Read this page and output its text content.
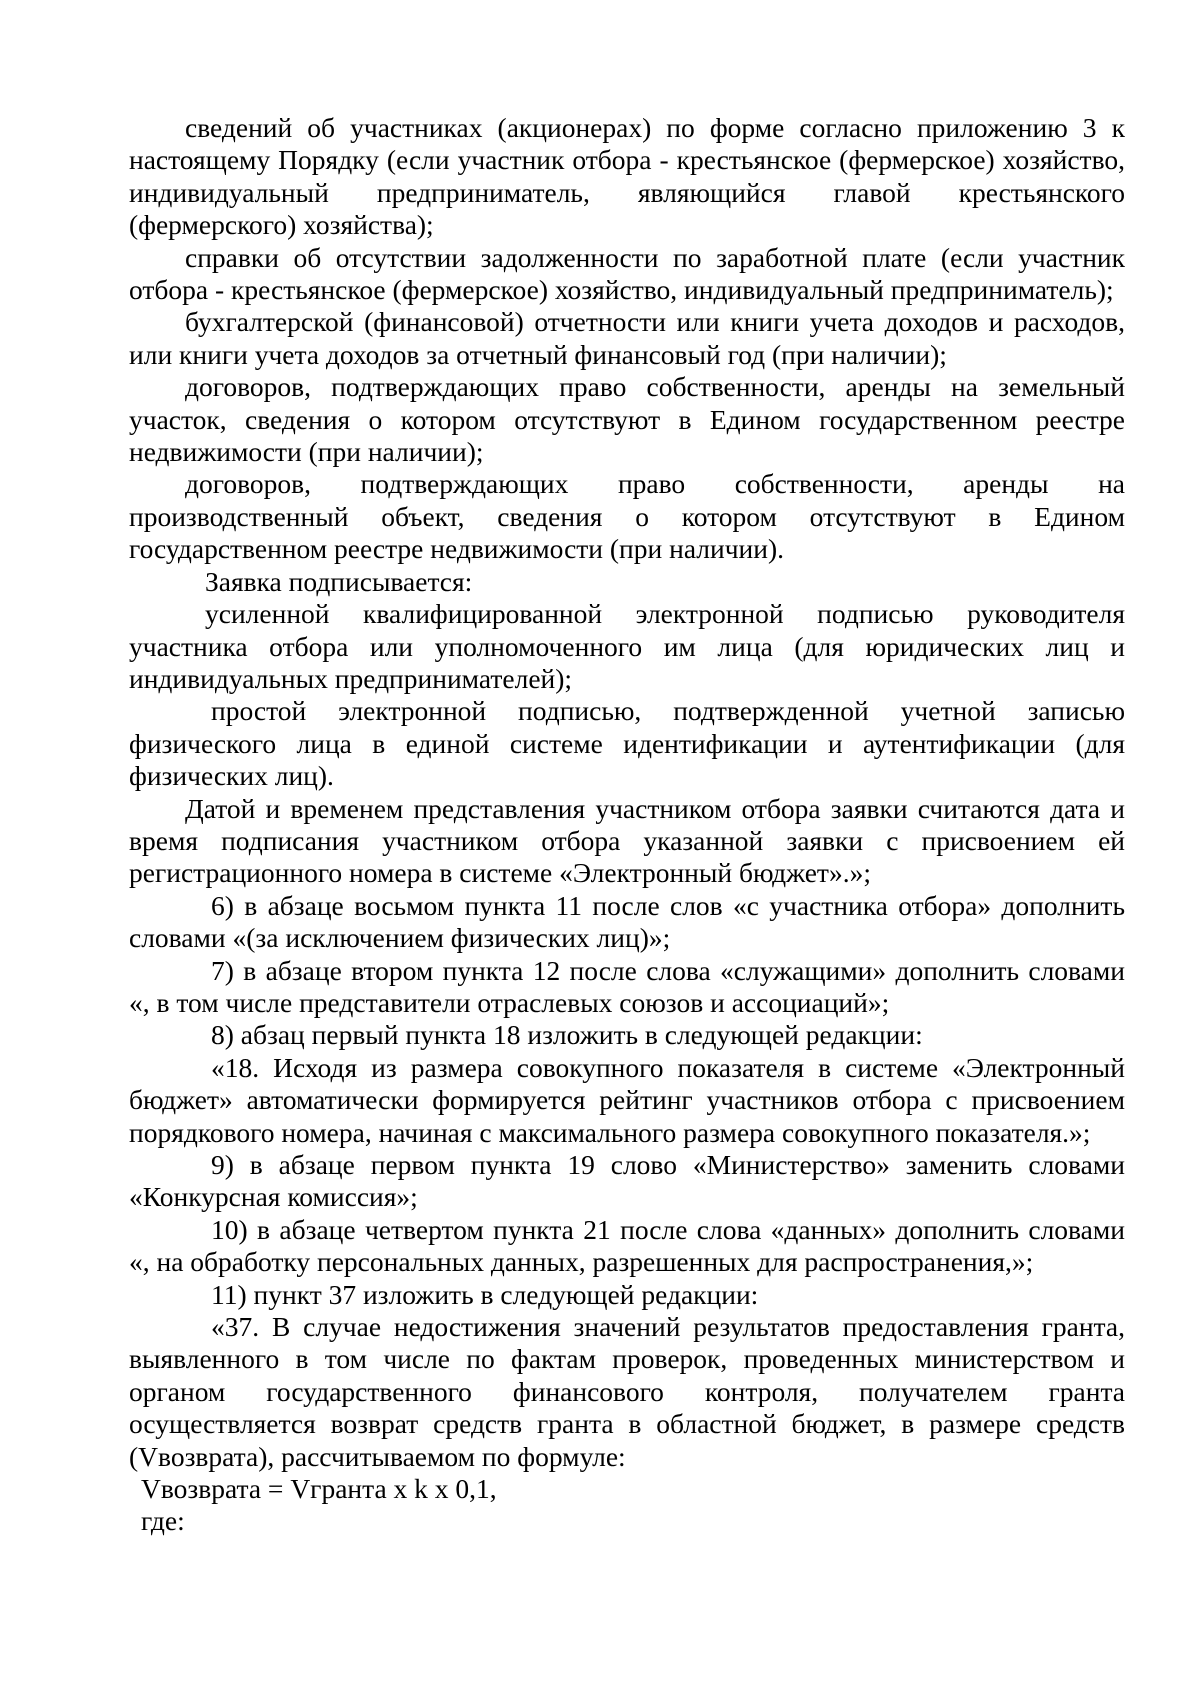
сведений об участниках (акционерах) по форме согласно приложению 3 к настоящему Порядку (если участник отбора - крестьянское (фермерское) хозяйство, индивидуальный предприниматель, являющийся главой крестьянского (фермерского) хозяйства);

справки об отсутствии задолженности по заработной плате (если участник отбора - крестьянское (фермерское) хозяйство, индивидуальный предприниматель);

бухгалтерской (финансовой) отчетности или книги учета доходов и расходов, или книги учета доходов за отчетный финансовый год (при наличии);

договоров, подтверждающих право собственности, аренды на земельный участок, сведения о котором отсутствуют в Едином государственном реестре недвижимости (при наличии);

договоров, подтверждающих право собственности, аренды на производственный объект, сведения о котором отсутствуют в Едином государственном реестре недвижимости (при наличии).

Заявка подписывается:

усиленной квалифицированной электронной подписью руководителя участника отбора или уполномоченного им лица (для юридических лиц и индивидуальных предпринимателей);

простой электронной подписью, подтвержденной учетной записью физического лица в единой системе идентификации и аутентификации (для физических лиц).

Датой и временем представления участником отбора заявки считаются дата и время подписания участником отбора указанной заявки с присвоением ей регистрационного номера в системе «Электронный бюджет».»;

6) в абзаце восьмом пункта 11 после слов «с участника отбора» дополнить словами «(за исключением физических лиц)»;

7) в абзаце втором пункта 12 после слова «служащими» дополнить словами «, в том числе представители отраслевых союзов и ассоциаций»;

8) абзац первый пункта 18 изложить в следующей редакции:

«18. Исходя из размера совокупного показателя в системе «Электронный бюджет» автоматически формируется рейтинг участников отбора с присвоением порядкового номера, начиная с максимального размера совокупного показателя.»;

9) в абзаце первом пункта 19 слово «Министерство» заменить словами «Конкурсная комиссия»;

10) в абзаце четвертом пункта 21 после слова «данных» дополнить словами «, на обработку персональных данных, разрешенных для распространения,»;

11) пункт 37 изложить в следующей редакции:

«37. В случае недостижения значений результатов предоставления гранта, выявленного в том числе по фактам проверок, проведенных министерством и органом государственного финансового контроля, получателем гранта осуществляется возврат средств гранта в областной бюджет, в размере средств (Vвозврата), рассчитываемом по формуле:

Vвозврата = Vгранта x k x 0,1,

где:
